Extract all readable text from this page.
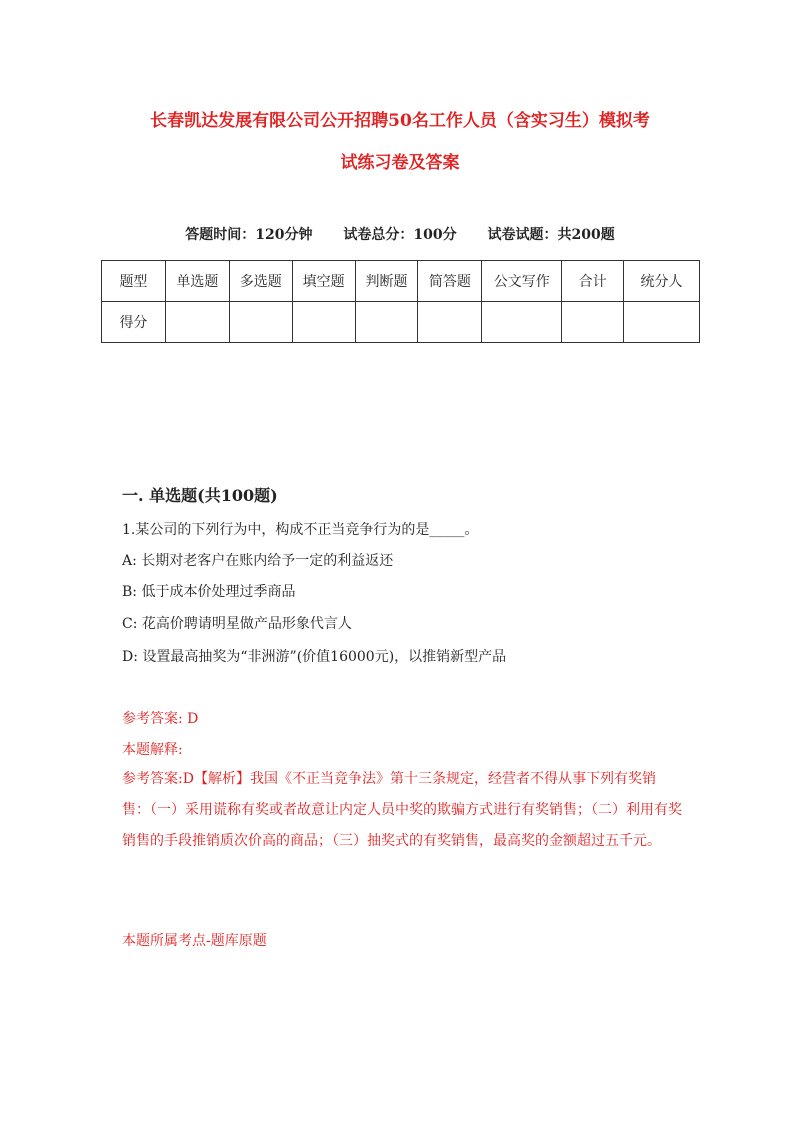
长春凯达发展有限公司公开招聘50名工作人员（含实习生）模拟考
试练习卷及答案
答题时间：120分钟 试卷总分：100分 试卷试题：共200题
题型	单选题	多选题	填空题	判断题	简答题	公文写作	合计	统分人
得分								
一. 单选题(共100题)
1.某公司的下列行为中，构成不正当竞争行为的是_____。
A: 长期对老客户在账内给予一定的利益返还
B: 低于成本价处理过季商品
C: 花高价聘请明星做产品形象代言人
D: 设置最高抽奖为“非洲游”(价值16000元)，以推销新型产品
参考答案: D
本题解释:
参考答案:D【解析】我国《不正当竞争法》第十三条规定，经营者不得从事下列有奖销售：（一）采用谎称有奖或者故意让内定人员中奖的欺骗方式进行有奖销售；（二）利用有奖销售的手段推销质次价高的商品；（三）抽奖式的有奖销售，最高奖的金额超过五千元。
本题所属考点-题库原题
